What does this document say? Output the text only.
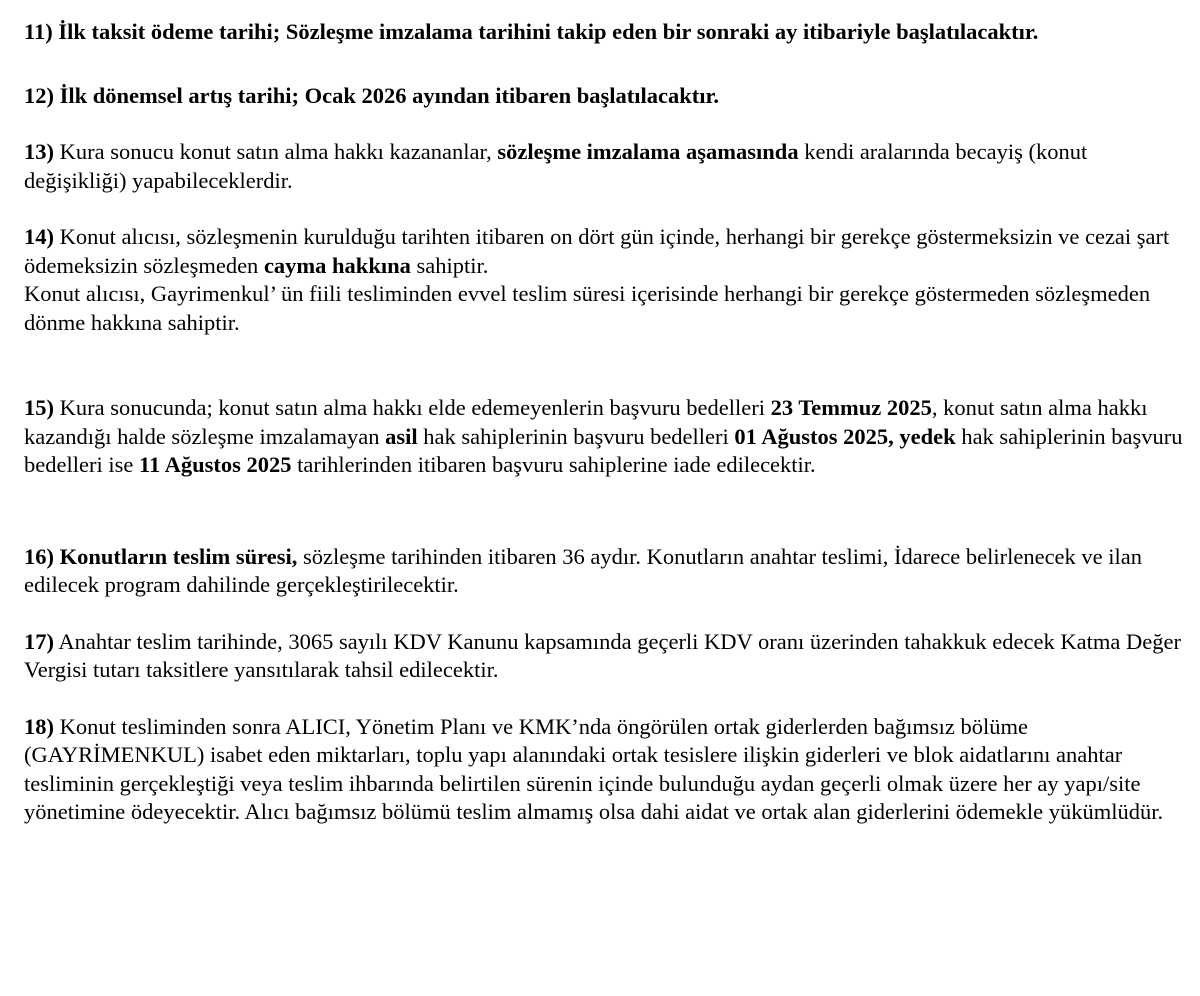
11) İlk taksit ödeme tarihi; Sözleşme imzalama tarihini takip eden bir sonraki ay itibariyle başlatılacaktır.

12) İlk dönemsel artış tarihi; Ocak 2026 ayından itibaren başlatılacaktır.

13) Kura sonucu konut satın alma hakkı kazananlar, sözleşme imzalama aşamasında kendi aralarında becayiş (konut değişikliği) yapabileceklerdir.

14) Konut alıcısı, sözleşmenin kurulduğu tarihten itibaren on dört gün içinde, herhangi bir gerekçe göstermeksizin ve cezai şart ödemeksizin sözleşmeden cayma hakkına sahiptir.
Konut alıcısı, Gayrimenkul’ ün fiili tesliminden evvel teslim süresi içerisinde herhangi bir gerekçe göstermeden sözleşmeden dönme hakkına sahiptir.

15) Kura sonucunda; konut satın alma hakkı elde edemeyenlerin başvuru bedelleri 23 Temmuz 2025, konut satın alma hakkı kazandığı halde sözleşme imzalamayan asil hak sahiplerinin başvuru bedelleri 01 Ağustos 2025, yedek hak sahiplerinin başvuru bedelleri ise 11 Ağustos 2025 tarihlerinden itibaren başvuru sahiplerine iade edilecektir.

16) Konutların teslim süresi, sözleşme tarihinden itibaren 36 aydır. Konutların anahtar teslimi, İdarece belirlenecek ve ilan edilecek program dahilinde gerçekleştirilecektir.

17) Anahtar teslim tarihinde, 3065 sayılı KDV Kanunu kapsamında geçerli KDV oranı üzerinden tahakkuk edecek Katma Değer Vergisi tutarı taksitlere yansıtılarak tahsil edilecektir.

18) Konut tesliminden sonra ALICI, Yönetim Planı ve KMK’nda öngörülen ortak giderlerden bağımsız bölüme (GAYRİMENKUL) isabet eden miktarları, toplu yapı alanındaki ortak tesislere ilişkin giderleri ve blok aidatlarını anahtar tesliminin gerçekleştiği veya teslim ihbarında belirtilen sürenin içinde bulunduğu aydan geçerli olmak üzere her ay yapı/site yönetimine ödeyecektir. Alıcı bağımsız bölümü teslim almamış olsa dahi aidat ve ortak alan giderlerini ödemekle yükümlüdür.
